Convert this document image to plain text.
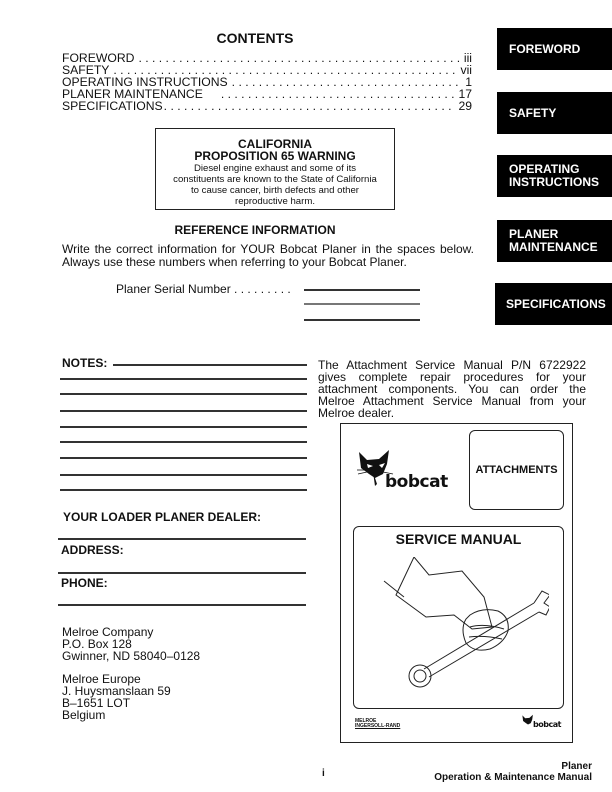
CONTENTS
FOREWORD . . .	iii
SAFETY . . .	vii
OPERATING INSTRUCTIONS . . .	1
PLANER MAINTENANCE . . .	17
SPECIFICATIONS . . .	29
FOREWORD
SAFETY
OPERATING
INSTRUCTIONS
PLANER
MAINTENANCE
SPECIFICATIONS
CALIFORNIA
PROPOSITION 65 WARNING
Diesel engine exhaust and some of its
constituents are known to the State of California
to cause cancer, birth defects and other
reproductive harm.
REFERENCE INFORMATION
Write the correct information for YOUR Bobcat Planer in the spaces below. Always use these numbers when referring to your Bobcat Planer.
Planer Serial Number . . . . . . . . .
NOTES:
YOUR LOADER PLANER DEALER:
ADDRESS:
PHONE:
Melroe Company
P.O. Box 128
Gwinner, ND 58040–0128
Melroe Europe
J. Huysmanslaan 59
B–1651 LOT
Belgium
The Attachment Service Manual P/N 6722922 gives complete repair procedures for your attachment components. You can order the Melroe Attachment Service Manual from your Melroe dealer.
bobcat
ATTACHMENTS
SERVICE MANUAL
MELROE
INGERSOLL-RAND	bobcat
i
Planer
Operation & Maintenance Manual
